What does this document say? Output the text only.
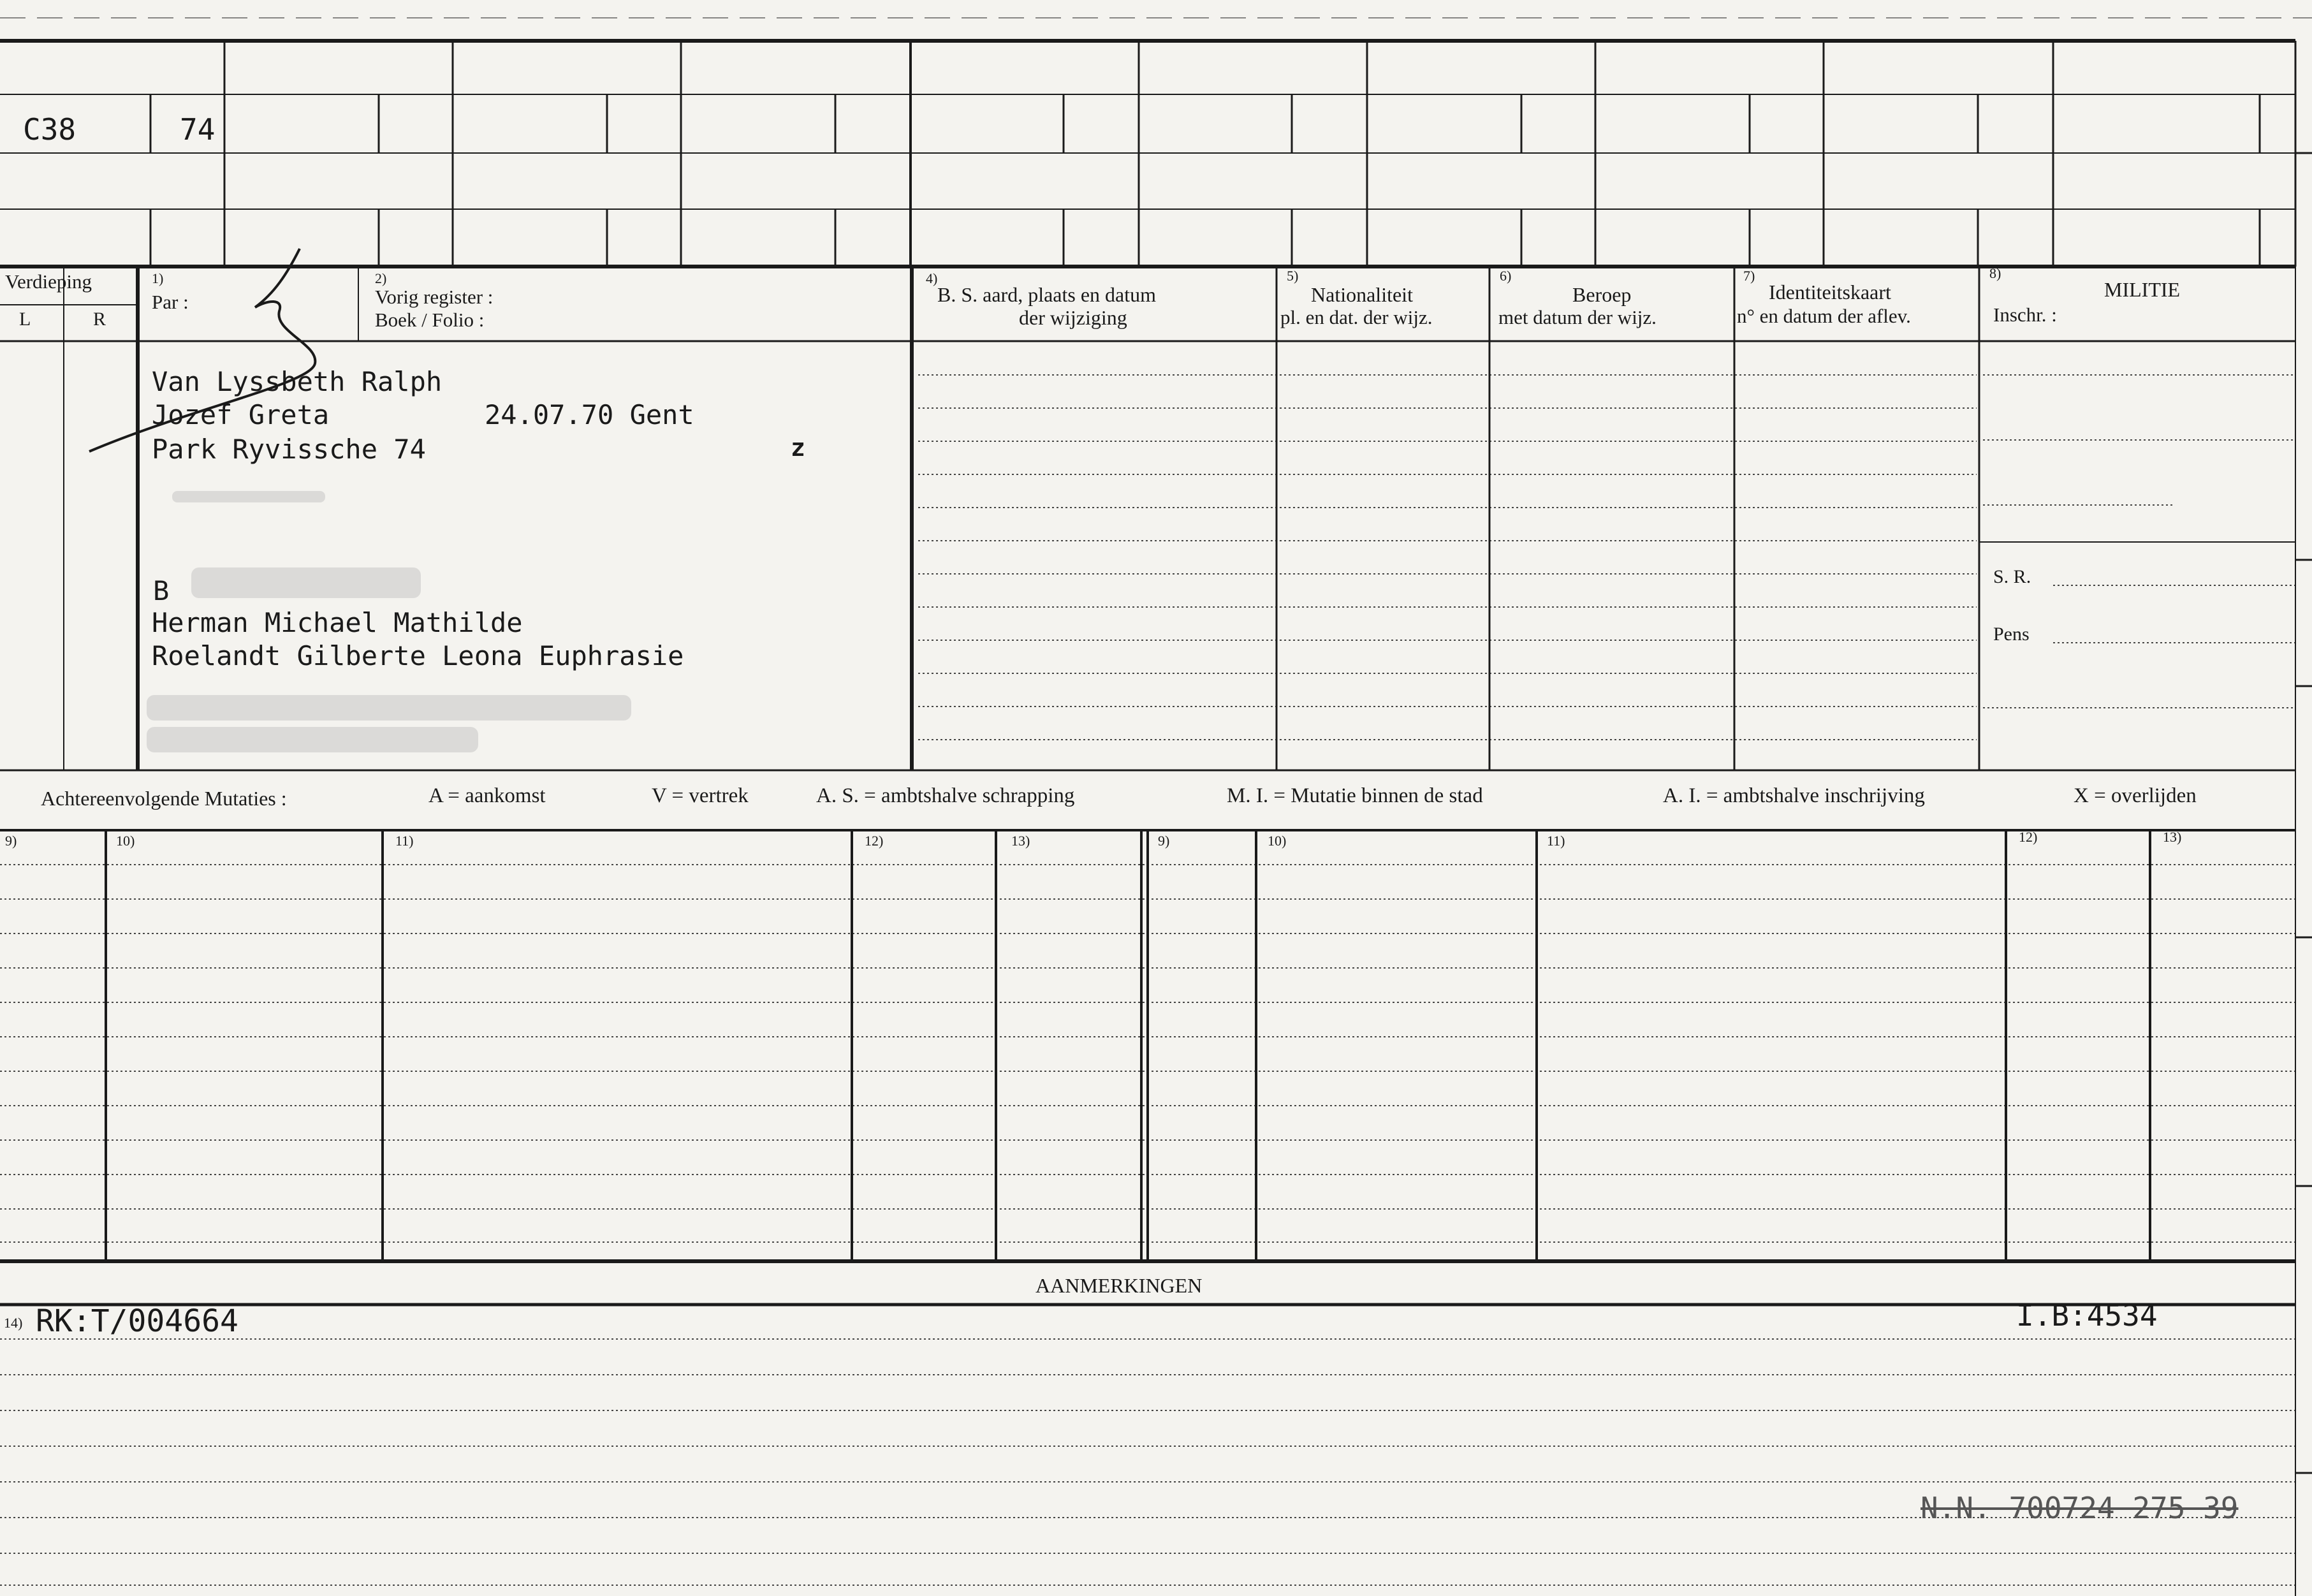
C38	74
Verdieping
L	R
1)
Par :
2)
Vorig register :
Boek / Folio :
4)
B. S. aard, plaats en datum
der wijziging
5)
Nationaliteit
pl. en dat. der wijz.
6)
Beroep
met datum der wijz.
7)
Identiteitskaart
n° en datum der aflev.
8)
MILITIE
Inschr. :
S. R.
Pens
Van Lyssbeth Ralph
Jozef Greta	24.07.70 Gent
Park Ryvissche 74	z
B
Herman Michael Mathilde
Roelandt Gilberte Leona Euphrasie
Achtereenvolgende Mutaties :	A = aankomst	V = vertrek	A. S. = ambtshalve schrapping	M. I. = Mutatie binnen de stad	A. I. = ambtshalve inschrijving	X = overlijden
9)	10)	11)	12)	13)	9)	10)	11)	12)	13)
AANMERKINGEN
14) RK:T/004664	I.B:4534
N.N. 700724 275 39
